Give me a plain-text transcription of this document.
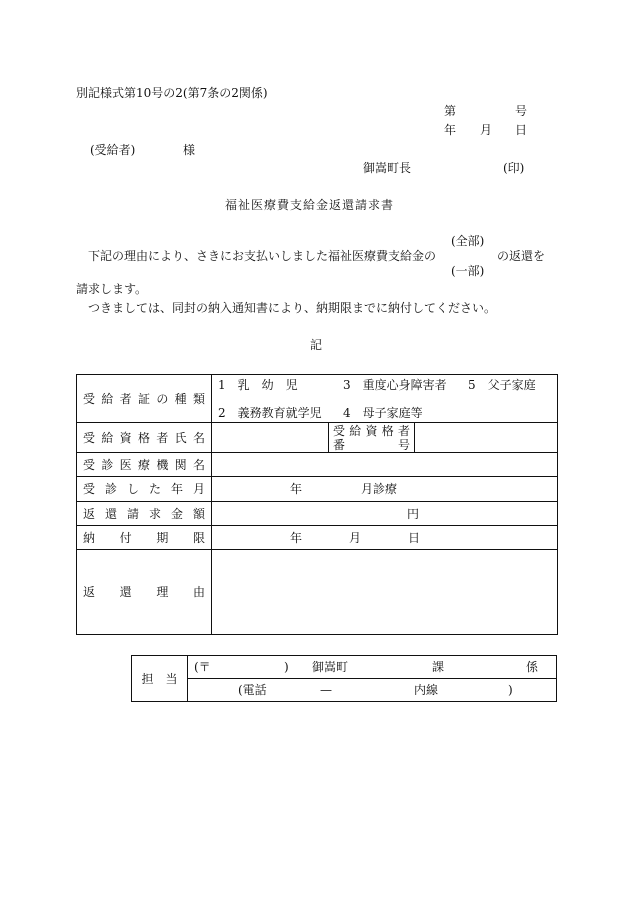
別記様式第10号の2(第7条の2関係)
第	号
年 月 日
(受給者)	様
御嵩町長	(印)
福祉医療費支給金返還請求書
(全部)
下記の理由により、さきにお支払いしました福祉医療費支給金の	の返還を
(一部)
請求します。
つきましては、同封の納入通知書により、納期限までに納付してください。
記
受給者証の種類	1　乳　幼　児 3　重度心身障害者 5　父子家庭
2　義務教育就学児 4　母子家庭等		

受給資格者氏名		受給資格者
番　　　号	

受診医療機関名			
受診した年月	年 月診療		

返還請求金額	円		

納付期限	年 月 日		

返還理由			
担　当	
(〒	) 御嵩町	課	係

(電話	—	内線	)
